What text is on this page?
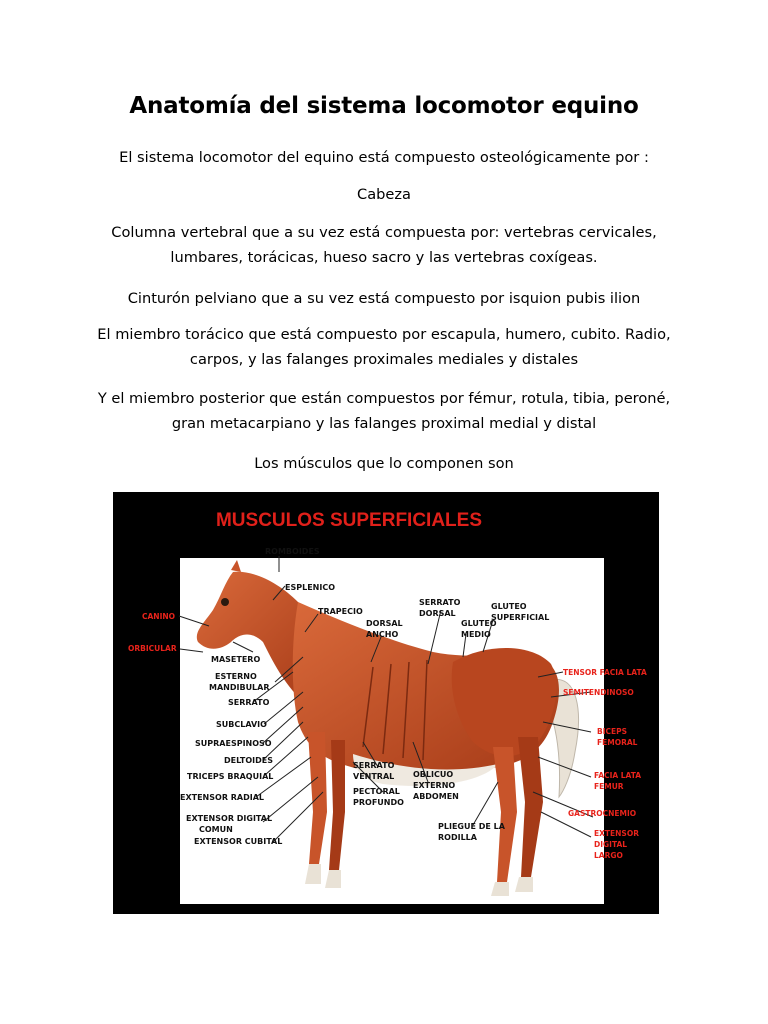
Anatomía del sistema locomotor equino

El sistema locomotor del equino está compuesto osteológicamente por :

Cabeza

Columna vertebral que a su vez está compuesta por: vertebras cervicales, lumbares, torácicas, hueso sacro y las vertebras coxígeas.

Cinturón pelviano que a su vez está compuesto por isquion pubis ilion

El miembro torácico que está compuesto por escapula, humero, cubito. Radio, carpos, y las falanges proximales mediales y distales

Y el miembro posterior que están compuestos por fémur, rotula, tibia, peroné, gran metacarpiano y las falanges proximal medial y distal

Los músculos que lo componen son

MUSCULOS SUPERFICIALES
ROMBOIDES
ESPLENICO
TRAPECIO
SERRATO
DORSAL
GLUTEO
SUPERFICIAL
DORSAL
ANCHO
GLUTEO
MEDIO
MASETERO
ESTERNO
MANDIBULAR
SERRATO
SUBCLAVIO
SUPRAESPINOSO
DELTOIDES
TRICEPS BRAQUIAL
EXTENSOR RADIAL
EXTENSOR DIGITAL
COMUN
EXTENSOR CUBITAL
SERRATO
VENTRAL
PECTORAL
PROFUNDO
OBLICUO
EXTERNO
ABDOMEN
PLIEGUE DE LA
RODILLA
CANINO
ORBICULAR
TENSOR FACIA LATA
SEMITENDINOSO
BICEPS
FEMORAL
FACIA LATA
FEMUR
GASTROCNEMIO
EXTENSOR
DIGITAL
LARGO
